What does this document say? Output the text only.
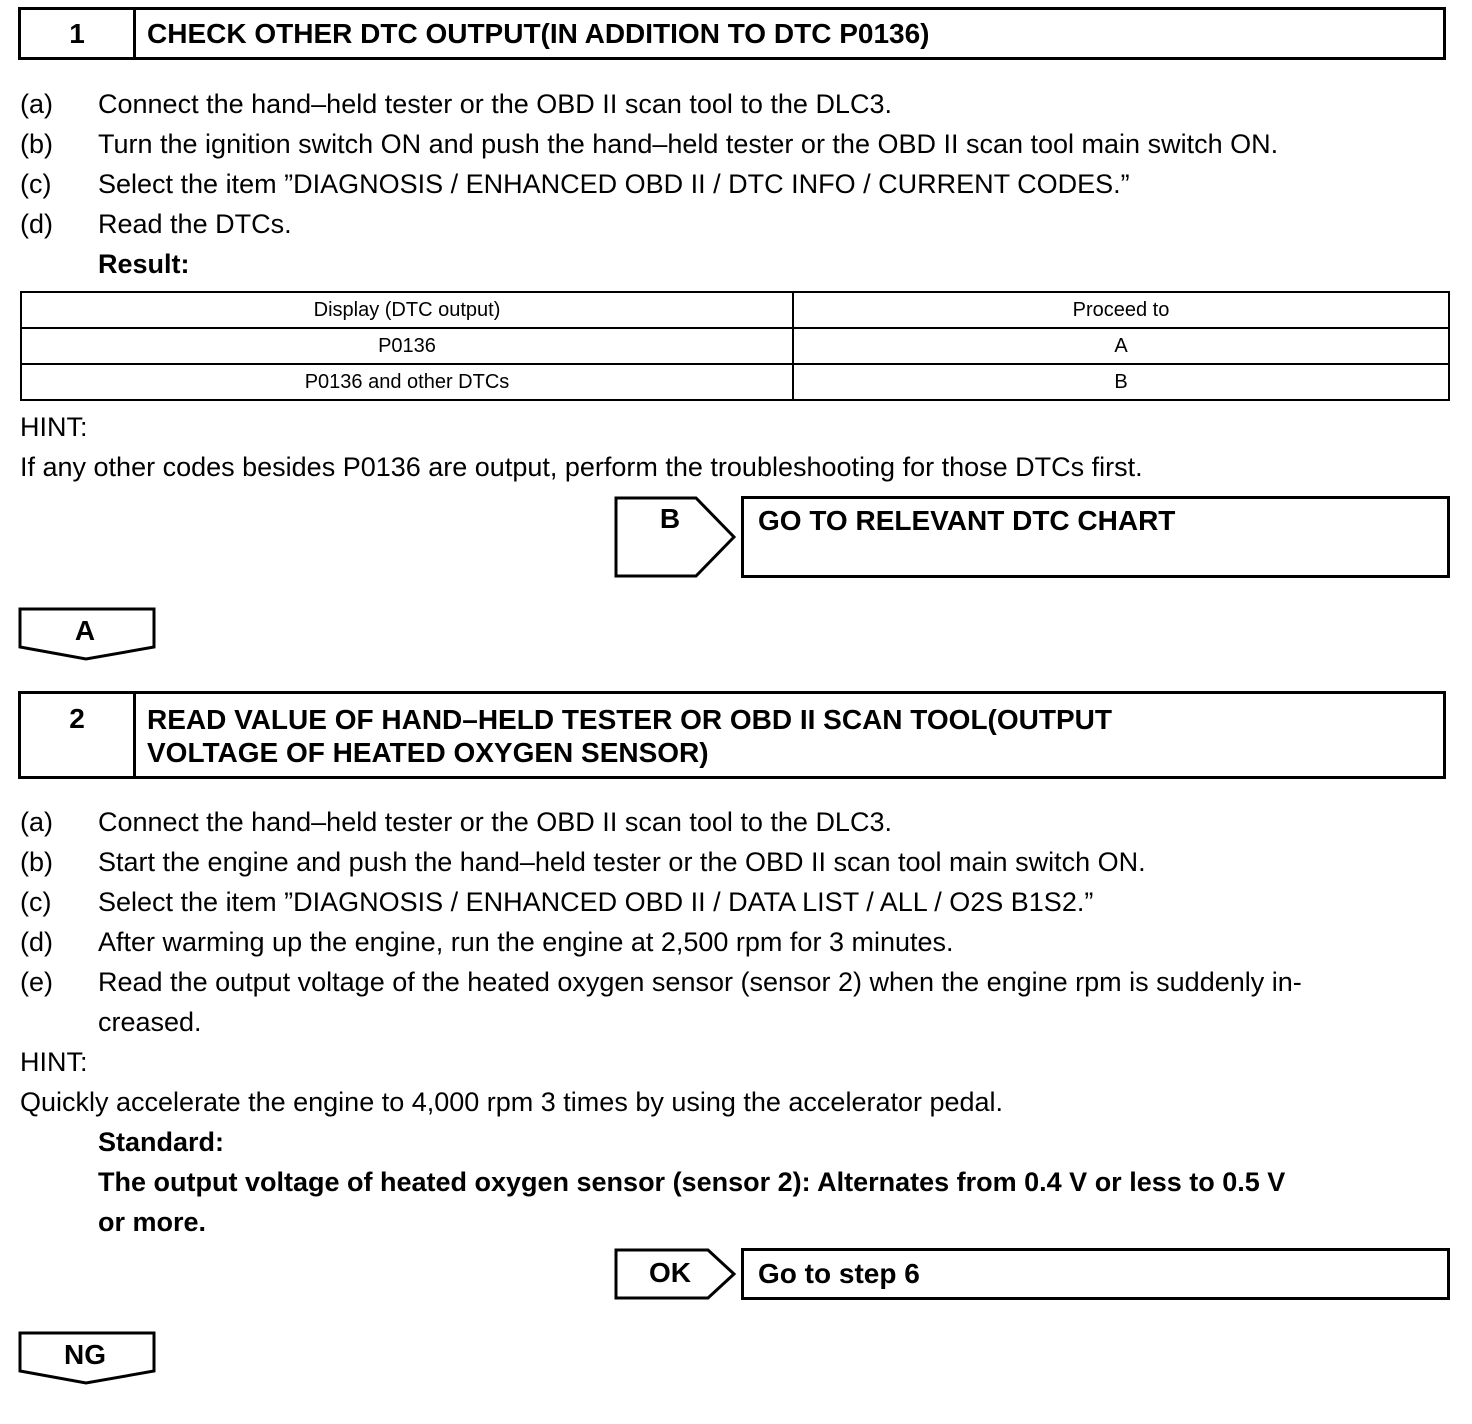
1	CHECK OTHER DTC OUTPUT(IN ADDITION TO DTC P0136)
(a) Connect the hand–held tester or the OBD II scan tool to the DLC3.
(b) Turn the ignition switch ON and push the hand–held tester or the OBD II scan tool main switch ON.
(c) Select the item ”DIAGNOSIS / ENHANCED OBD II / DTC INFO / CURRENT CODES.”
(d) Read the DTCs.
Result:
Display (DTC output)	Proceed to
P0136	A
P0136 and other DTCs	B
HINT:
If any other codes besides P0136 are output, perform the troubleshooting for those DTCs first.
B	GO TO RELEVANT DTC CHART
A
2	READ VALUE OF HAND–HELD TESTER OR OBD II SCAN TOOL(OUTPUT
VOLTAGE OF HEATED OXYGEN SENSOR)
(a) Connect the hand–held tester or the OBD II scan tool to the DLC3.
(b) Start the engine and push the hand–held tester or the OBD II scan tool main switch ON.
(c) Select the item ”DIAGNOSIS / ENHANCED OBD II / DATA LIST / ALL / O2S B1S2.”
(d) After warming up the engine, run the engine at 2,500 rpm for 3 minutes.
(e) Read the output voltage of the heated oxygen sensor (sensor 2) when the engine rpm is suddenly in-
creased.
HINT:
Quickly accelerate the engine to 4,000 rpm 3 times by using the accelerator pedal.
Standard:
The output voltage of heated oxygen sensor (sensor 2): Alternates from 0.4 V or less to 0.5 V
or more.
OK	Go to step 6
NG
